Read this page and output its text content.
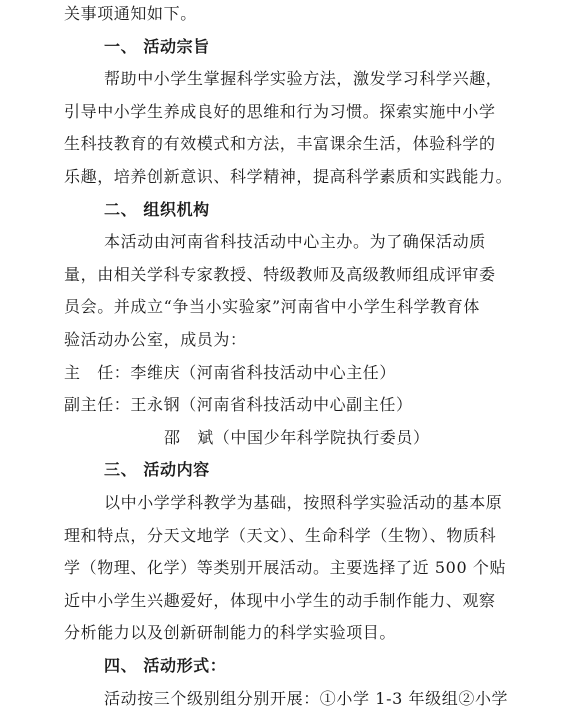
关事项通知如下。
一、 活动宗旨
帮助中小学生掌握科学实验方法，激发学习科学兴趣，
引导中小学生养成良好的思维和行为习惯。探索实施中小学
生科技教育的有效模式和方法，丰富课余生活，体验科学的
乐趣，培养创新意识、科学精神，提高科学素质和实践能力。
二、 组织机构
本活动由河南省科技活动中心主办。为了确保活动质
量，由相关学科专家教授、特级教师及高级教师组成评审委
员会。并成立“争当小实验家”河南省中小学生科学教育体
验活动办公室，成员为：
主　任：李维庆（河南省科技活动中心主任）
副主任：王永钢（河南省科技活动中心副主任）
邵　斌（中国少年科学院执行委员）
三、 活动内容
以中小学学科教学为基础，按照科学实验活动的基本原
理和特点，分天文地学（天文）、生命科学（生物）、物质科
学（物理、化学）等类别开展活动。主要选择了近 500 个贴
近中小学生兴趣爱好，体现中小学生的动手制作能力、观察
分析能力以及创新研制能力的科学实验项目。
四、 活动形式：
活动按三个级别组分别开展：①小学 1-3 年级组②小学
